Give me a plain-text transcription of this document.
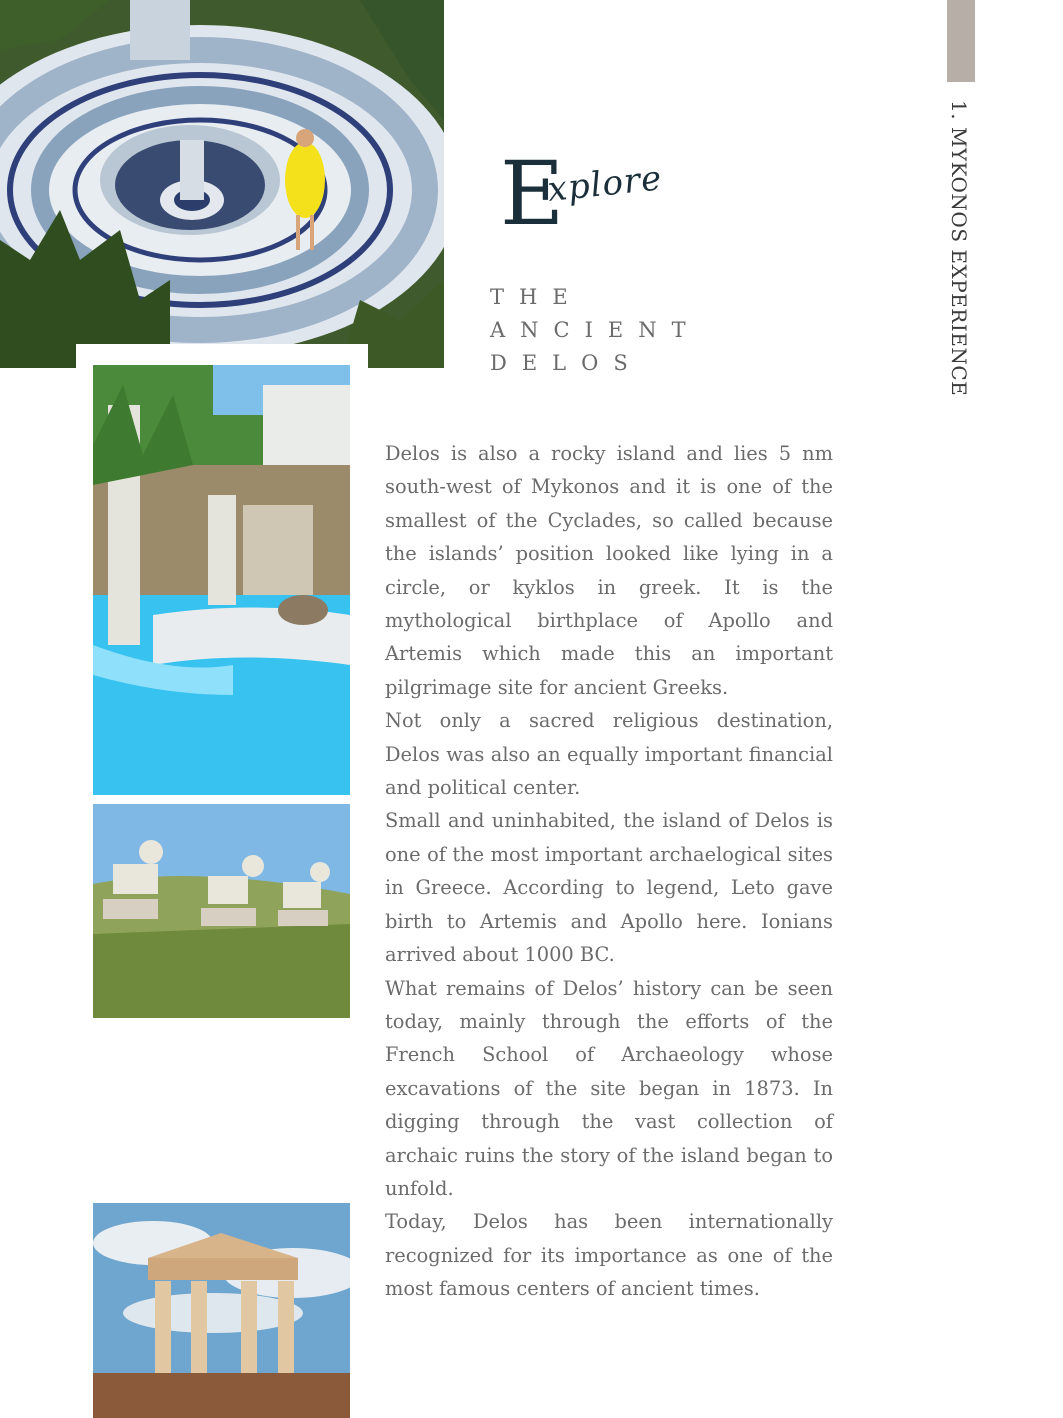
E
xplore
THE
ANCIENT
DELOS	1. MYKONOS EXPERIENCE

Delos is also a rocky island and lies 5 nm south-west of Mykonos and it is one of the smallest of the Cyclades, so called because the islands’ position looked like lying in a circle, or kyklos in greek. It is the mythological birthplace of Apollo and Artemis which made this an important pilgrimage site for ancient Greeks.

Not only a sacred religious destination, Delos was also an equally important financial and political center.

Small and uninhabited, the island of Delos is one of the most important archaelogical sites in Greece. According to legend, Leto gave birth to Artemis and Apollo here. Ionians arrived about 1000 BC.

What remains of Delos’ history can be seen today, mainly through the efforts of the French School of Archaeology whose excavations of the site began in 1873. In digging through the vast collection of archaic ruins the story of the island began to unfold.

Today, Delos has been internationally recognized for its importance as one of the most famous centers of ancient times.
